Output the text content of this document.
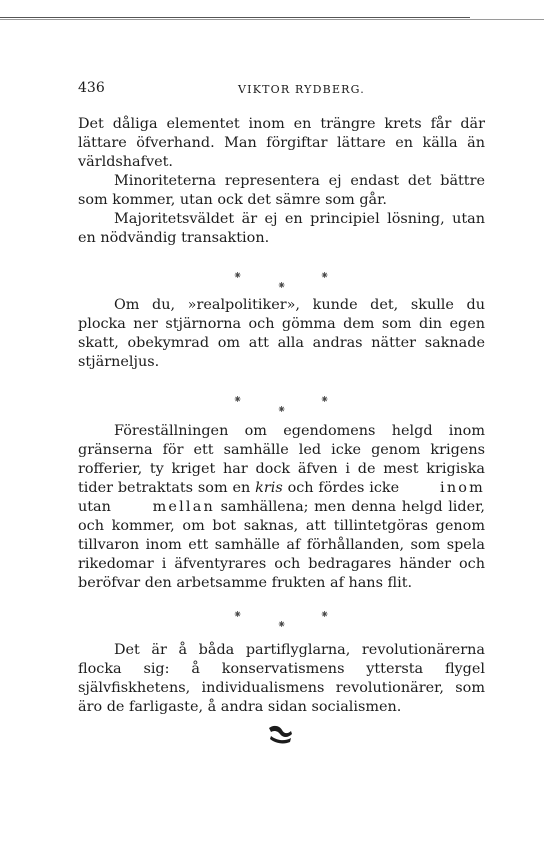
436	VIKTOR RYDBERG.

Det dåliga elementet inom en trängre krets får där lättare öfverhand. Man förgiftar lättare en källa än världshafvet.

Minoriteterna representera ej endast det bättre som kommer, utan ock det sämre som går.

Majoritetsväldet är ej en principiel lösning, utan en nödvändig transaktion.

⁕
⁕
⁕

Om du, »realpolitiker», kunde det, skulle du plocka ner stjärnorna och gömma dem som din egen skatt, obekymrad om att alla andras nätter saknade stjärneljus.

⁕
⁕
⁕

Föreställningen om egendomens helgd inom gränserna för ett samhälle led icke genom krigens rofferier, ty kriget har dock äfven i de mest krigiska tider betraktats som en kris och fördes icke	inom utan	mellan samhällena; men denna helgd lider, och kommer, om bot saknas, att tillintetgöras genom tillvaron inom ett samhälle af förhållanden, som spela rikedomar i äfventyrares och bedragares händer och beröfvar den arbetsamme frukten af hans flit.

⁕
⁕
⁕

Det är å båda partiflyglarna, revolutionärerna flocka sig: å konservatismens yttersta flygel självfiskhetens, individualismens revolutionärer, som äro de farligaste, å andra sidan socialismen.
